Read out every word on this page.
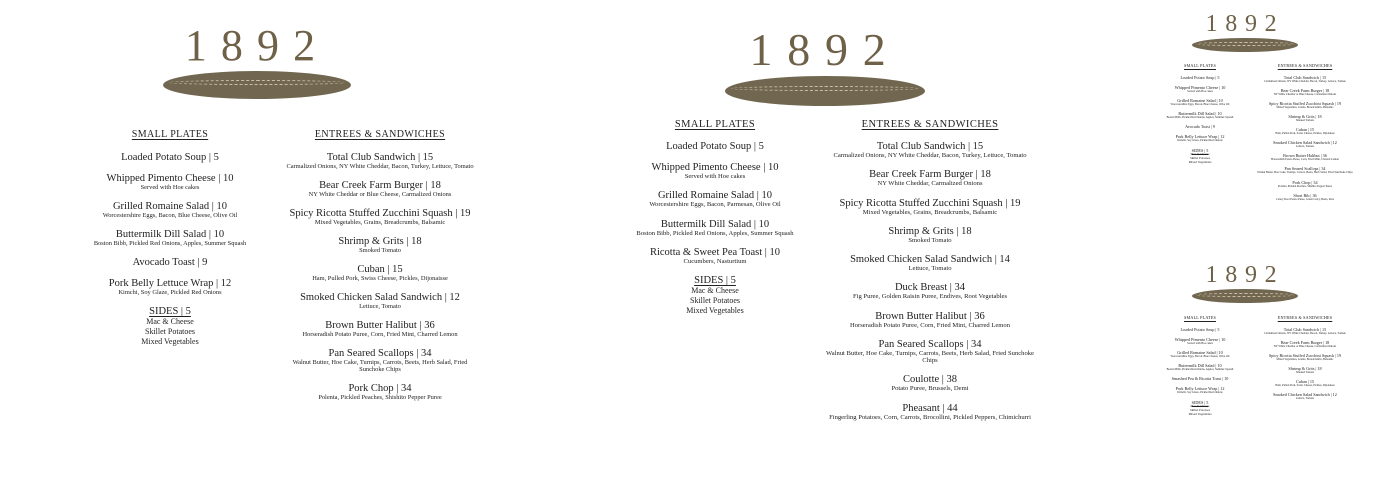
1892
SMALL PLATES
Loaded Potato Soup | 5
Whipped Pimento Cheese | 10
Served with Hoe cakes
Grilled Romaine Salad | 10
Worcestershire Eggs, Bacon, Blue Cheese, Olive Oil
Buttermilk Dill Salad | 10
Boston Bibb, Pickled Red Onions, Apples, Summer Squash
Avocado Toast | 9
Pork Belly Lettuce Wrap | 12
Kimchi, Soy Glaze, Pickled Red Onions
SIDES | 5
Mac & Cheese
Skillet Potatoes
Mixed Vegetables
ENTREES & SANDWICHES
Total Club Sandwich | 15
Carmalized Onions, NY White Cheddar, Bacon, Turkey, Lettuce, Tomato
Bear Creek Farm Burger | 18
NY White Cheddar or Blue Cheese, Carmalized Onions
Spicy Ricotta Stuffed Zucchini Squash | 19
Mixed Vegetables, Grains, Breadcrumbs, Balsamic
Shrimp & Grits | 18
Smoked Tomato
Cuban | 15
Ham, Pulled Pork, Swiss Cheese, Pickles, Dijonaisse
Smoked Chicken Salad Sandwich | 12
Lettuce, Tomato
Brown Butter Halibut | 36
Horseradish Potato Puree, Corn, Fried Mint, Charred Lemon
Pan Seared Scallops | 34
Walnut Butter, Hoe Cake, Turnips, Carrots, Beets, Herb Salad, Fried Sunchoke Chips
Pork Chop | 34
Polenta, Pickled Peaches, Shishito Pepper Puree
1892
SMALL PLATES
Loaded Potato Soup | 5
Whipped Pimento Cheese | 10
Served with Hoe cakes
Grilled Romaine Salad | 10
Worcestershire Eggs, Bacon, Parmesan, Olive Oil
Buttermilk Dill Salad | 10
Boston Bibb, Pickled Red Onions, Apples, Summer Squash
Ricotta & Sweet Pea Toast | 10
Cucumbers, Nasturtium
SIDES | 5
Mac & Cheese
Skillet Potatoes
Mixed Vegetables
ENTREES & SANDWICHES
Total Club Sandwich | 15
Carmalized Onions, NY White Cheddar, Bacon, Turkey, Lettuce, Tomato
Bear Creek Farm Burger | 18
NY White Cheddar, Carmalized Onions
Spicy Ricotta Stuffed Zucchini Squash | 19
Mixed Vegetables, Grains, Breadcrumbs, Balsamic
Shrimp & Grits | 18
Smoked Tomato
Smoked Chicken Salad Sandwich | 14
Lettuce, Tomato
Duck Breast | 34
Fig Puree, Golden Raisin Puree, Endives, Root Vegetables
Brown Butter Halibut | 36
Horseradish Potato Puree, Corn, Fried Mint, Charred Lemon
Pan Seared Scallops | 34
Walnut Butter, Hoe Cake, Turnips, Carrots, Beets, Herb Salad, Fried Sunchoke Chips
Coulotte | 38
Potato Puree, Brussels, Demi
Pheasant | 44
Fingerling Potatoes, Corn, Carrots, Brocollini, Pickled Peppers, Chimichurri
1892
SMALL PLATES
Loaded Potato Soup | 5
Whipped Pimento Cheese | 10
Served with Hoe cakes
Grilled Romaine Salad | 10
Worcestershire Eggs, Bacon, Blue Cheese, Olive Oil
Buttermilk Dill Salad | 10
Boston Bibb, Pickled Red Onions, Apples, Summer Squash
Avocado Toast | 9
Pork Belly Lettuce Wrap | 12
Kimchi, Soy Glaze, Pickled Red Onions
SIDES | 5
Mac & Cheese
Skillet Potatoes
Mixed Vegetables
ENTREES & SANDWICHES
Total Club Sandwich | 15
Carmalized Onions, NY White Cheddar, Bacon, Turkey, Lettuce, Tomato
Bear Creek Farm Burger | 18
NY White Cheddar or Blue Cheese, Carmalized Onions
Spicy Ricotta Stuffed Zucchini Squash | 19
Mixed Vegetables, Grains, Breadcrumbs, Balsamic
Shrimp & Grits | 18
Smoked Tomato
Cuban | 15
Ham, Pulled Pork, Swiss Cheese, Pickles, Dijonaisse
Smoked Chicken Salad Sandwich | 12
Lettuce, Tomato
Brown Butter Halibut | 36
Horseradish Potato Puree, Corn, Fried Mint, Charred Lemon
Pan Seared Scallops | 34
Walnut Butter, Hoe Cake, Turnips, Carrots, Beets, Herb Salad, Fried Sunchoke Chips
Pork Chop | 34
Polenta, Pickled Peaches, Shishito Pepper Puree
Short Rib | 36
Celery Root Potato Puree, Green Curry, Beets, Peas
1892
SMALL PLATES
Loaded Potato Soup | 5
Whipped Pimento Cheese | 10
Served with Hoe cakes
Grilled Romaine Salad | 10
Worcestershire Eggs, Bacon, Blue Cheese, Olive Oil
Buttermilk Dill Salad | 10
Boston Bibb, Pickled Red Onions, Apples, Summer Squash
Smashed Pea & Ricotta Toast | 10
Pork Belly Lettuce Wrap | 12
Kimchi, Soy Glaze, Pickled Red Onions
SIDES | 5
Mac & Cheese
Skillet Potatoes
Mixed Vegetables
ENTREES & SANDWICHES
Total Club Sandwich | 15
Carmalized Onions, NY White Cheddar, Bacon, Turkey, Lettuce, Tomato
Bear Creek Farm Burger | 18
NY White Cheddar or Blue Cheese, Carmalized Onions
Spicy Ricotta Stuffed Zucchini Squash | 19
Mixed Vegetables, Grains, Breadcrumbs, Balsamic
Shrimp & Grits | 18
Smoked Tomato
Cuban | 15
Ham, Pulled Pork, Swiss Cheese, Pickles, Dijonaisse
Smoked Chicken Salad Sandwich | 12
Lettuce, Tomato
